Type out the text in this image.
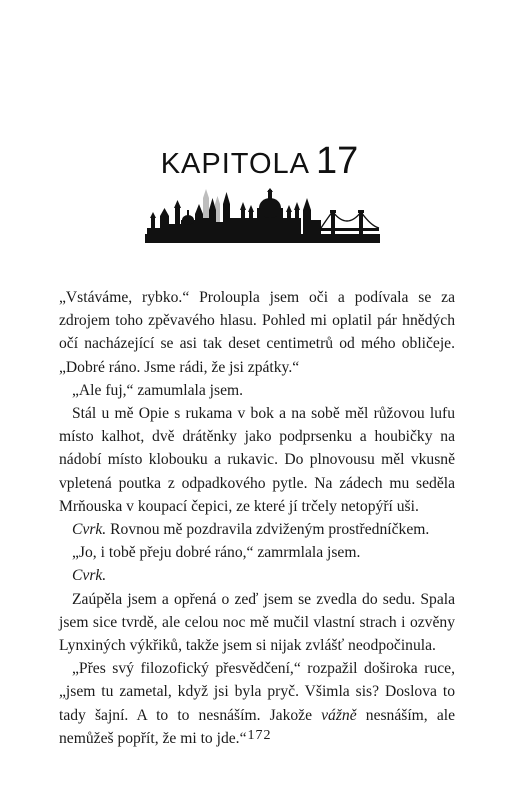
KAPITOLA 17

„Vstáváme, rybko.“ Proloupla jsem oči a podívala se za zdrojem toho zpěvavého hlasu. Pohled mi oplatil pár hnědých očí nacházející se asi tak deset centimetrů od mého obličeje. „Dobré ráno. Jsme rádi, že jsi zpátky.“

„Ale fuj,“ zamumlala jsem.

Stál u mě Opie s rukama v bok a na sobě měl růžovou lufu místo kalhot, dvě drátěnky jako podprsenku a houbičky na nádobí místo klobouku a rukavic. Do plnovousu měl vkusně vpletená poutka z odpadkového pytle. Na zádech mu seděla Mrňouska v koupací čepici, ze které jí trčely netopýří uši.

Cvrk. Rovnou mě pozdravila zdviženým prostředníčkem.

„Jo, i tobě přeju dobré ráno,“ zamrmlala jsem.

Cvrk.

Zaúpěla jsem a opřená o zeď jsem se zvedla do sedu. Spala jsem sice tvrdě, ale celou noc mě mučil vlastní strach i ozvěny Lynxiných výkřiků, takže jsem si nijak zvlášť neodpočinula.

„Přes svý filozofický přesvědčení,“ rozpažil doširoka ruce, „jsem tu zametal, když jsi byla pryč. Všimla sis? Doslova to tady šajní. A to to nesnáším. Jakože vážně nesnáším, ale nemůžeš popřít, že mi to jde.“ 172
